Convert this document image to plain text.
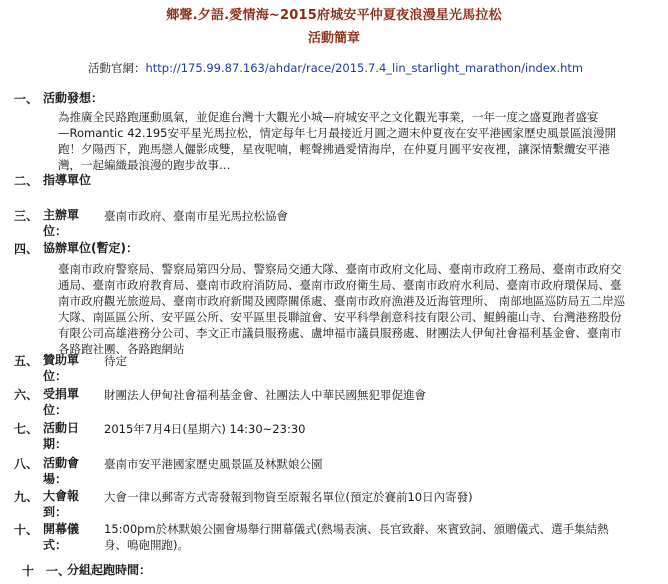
鄉聲.夕語.愛情海~2015府城安平仲夏夜浪漫星光馬拉松
活動簡章
活動官網：http://175.99.87.163/ahdar/race/2015.7.4_lin_starlight_marathon/index.htm
一、 活動發想：
為推廣全民路跑運動風氣，並促進台灣十大觀光小城—府城安平之文化觀光事業，一年一度之盛夏跑者盛宴
—Romantic 42.195安平星光馬拉松，情定每年七月最接近月圓之週末仲夏夜在安平港國家歷史風景區浪漫開
跑！夕陽西下，跑馬戀人儷影成雙，星夜呢喃，輕聲拂過愛情海岸，在仲夏月圓平安夜裡，讓深情繫纜安平港
灣，一起編織最浪漫的跑步故事…
二、 指導單位
三、 主辦單位：
臺南市政府、臺南市星光馬拉松協會
四、 協辦單位(暫定)：
臺南市政府警察局、警察局第四分局、警察局交通大隊、臺南市政府文化局、臺南市政府工務局、臺南市政府交
通局、臺南市政府教育局、臺南市政府消防局、臺南市政府衛生局、臺南市政府水利局、臺南市政府環保局、臺
南市政府觀光旅遊局、臺南市政府新聞及國際關係處、臺南市政府漁港及近海管理所、 南部地區巡防局五二岸巡
大隊、南區區公所、安平區公所、安平區里長聯誼會、安平科學創意科技有限公司、鯤鯓龍山寺、台灣港務股份
有限公司高雄港務分公司、李文正市議員服務處、盧坤福市議員服務處、財團法人伊甸社會福利基金會、臺南市
各路跑社團、各路跑網站
五、 贊助單位：
待定
六、 受捐單位：
財團法人伊甸社會福利基金會、社團法人中華民國無犯罪促進會
七、 活動日期：
2015年7月4日(星期六) 14:30~23:30
八、 活動會場：
臺南市安平港國家歷史風景區及林默娘公園
九、 大會報到：
大會一律以郵寄方式寄發報到物資至原報名單位(預定於賽前10日內寄發)
十、 開幕儀式：
15:00pm於林默娘公園會場舉行開幕儀式(熱場表演、長官致辭、來賓致詞、頒贈儀式、選手集結熱
身、鳴砲開跑)。
十　一、
分組起跑時間：
